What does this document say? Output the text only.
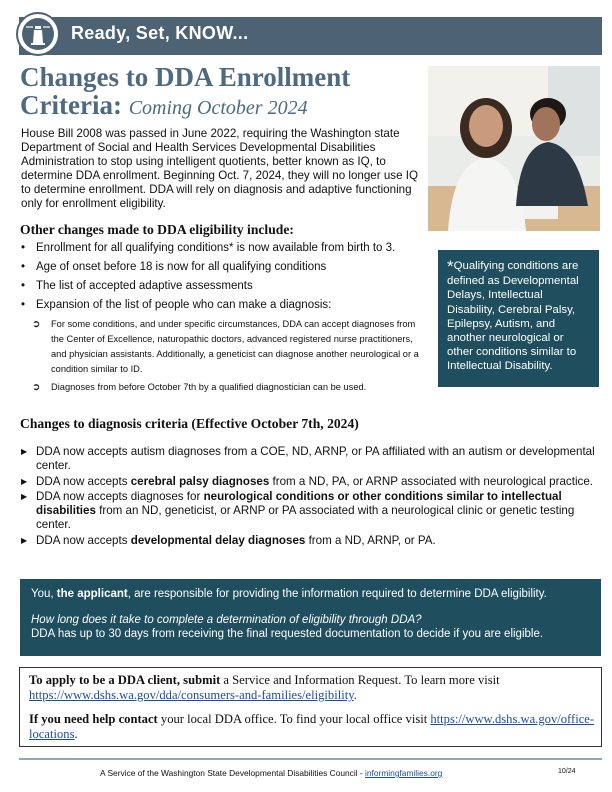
Ready, Set, KNOW...
Changes to DDA Enrollment Criteria: Coming October 2024

House Bill 2008 was passed in June 2022, requiring the Washington state Department of Social and Health Services Developmental Disabilities Administration to stop using intelligent quotients, better known as IQ, to determine DDA enrollment. Beginning Oct. 7, 2024, they will no longer use IQ to determine enrollment. DDA will rely on diagnosis and adaptive functioning only for enrollment eligibility.

Other changes made to DDA eligibility include:
• Enrollment for all qualifying conditions* is now available from birth to 3.
• Age of onset before 18 is now for all qualifying conditions
• The list of accepted adaptive assessments
• Expansion of the list of people who can make a diagnosis:
➲ For some conditions, and under specific circumstances, DDA can accept diagnoses from the Center of Excellence, naturopathic doctors, advanced registered nurse practitioners, and physician assistants. Additionally, a geneticist can diagnose another neurological or a condition similar to ID.
➲ Diagnoses from before October 7th by a qualified diagnostician can be used.
*Qualifying conditions are defined as Developmental Delays, Intellectual Disability, Cerebral Palsy, Epilepsy, Autism, and another neurological or other conditions similar to Intellectual Disability.
Changes to diagnosis criteria (Effective October 7th, 2024)
▶ DDA now accepts autism diagnoses from a COE, ND, ARNP, or PA affiliated with an autism or developmental center.
▶ DDA now accepts cerebral palsy diagnoses from a ND, PA, or ARNP associated with neurological practice.
▶ DDA now accepts diagnoses for neurological conditions or other conditions similar to intellectual disabilities from an ND, geneticist, or ARNP or PA associated with a neurological clinic or genetic testing center.
▶ DDA now accepts developmental delay diagnoses from a ND, ARNP, or PA.
You, the applicant, are responsible for providing the information required to determine DDA eligibility.
How long does it take to complete a determination of eligibility through DDA?
DDA has up to 30 days from receiving the final requested documentation to decide if you are eligible.

To apply to be a DDA client, submit a Service and Information Request. To learn more visit https://www.dshs.wa.gov/dda/consumers-and-families/eligibility.

If you need help contact your local DDA office. To find your local office visit https://www.dshs.wa.gov/office-locations.

A Service of the Washington State Developmental Disabilities Council - informingfamilies.org	10/24
